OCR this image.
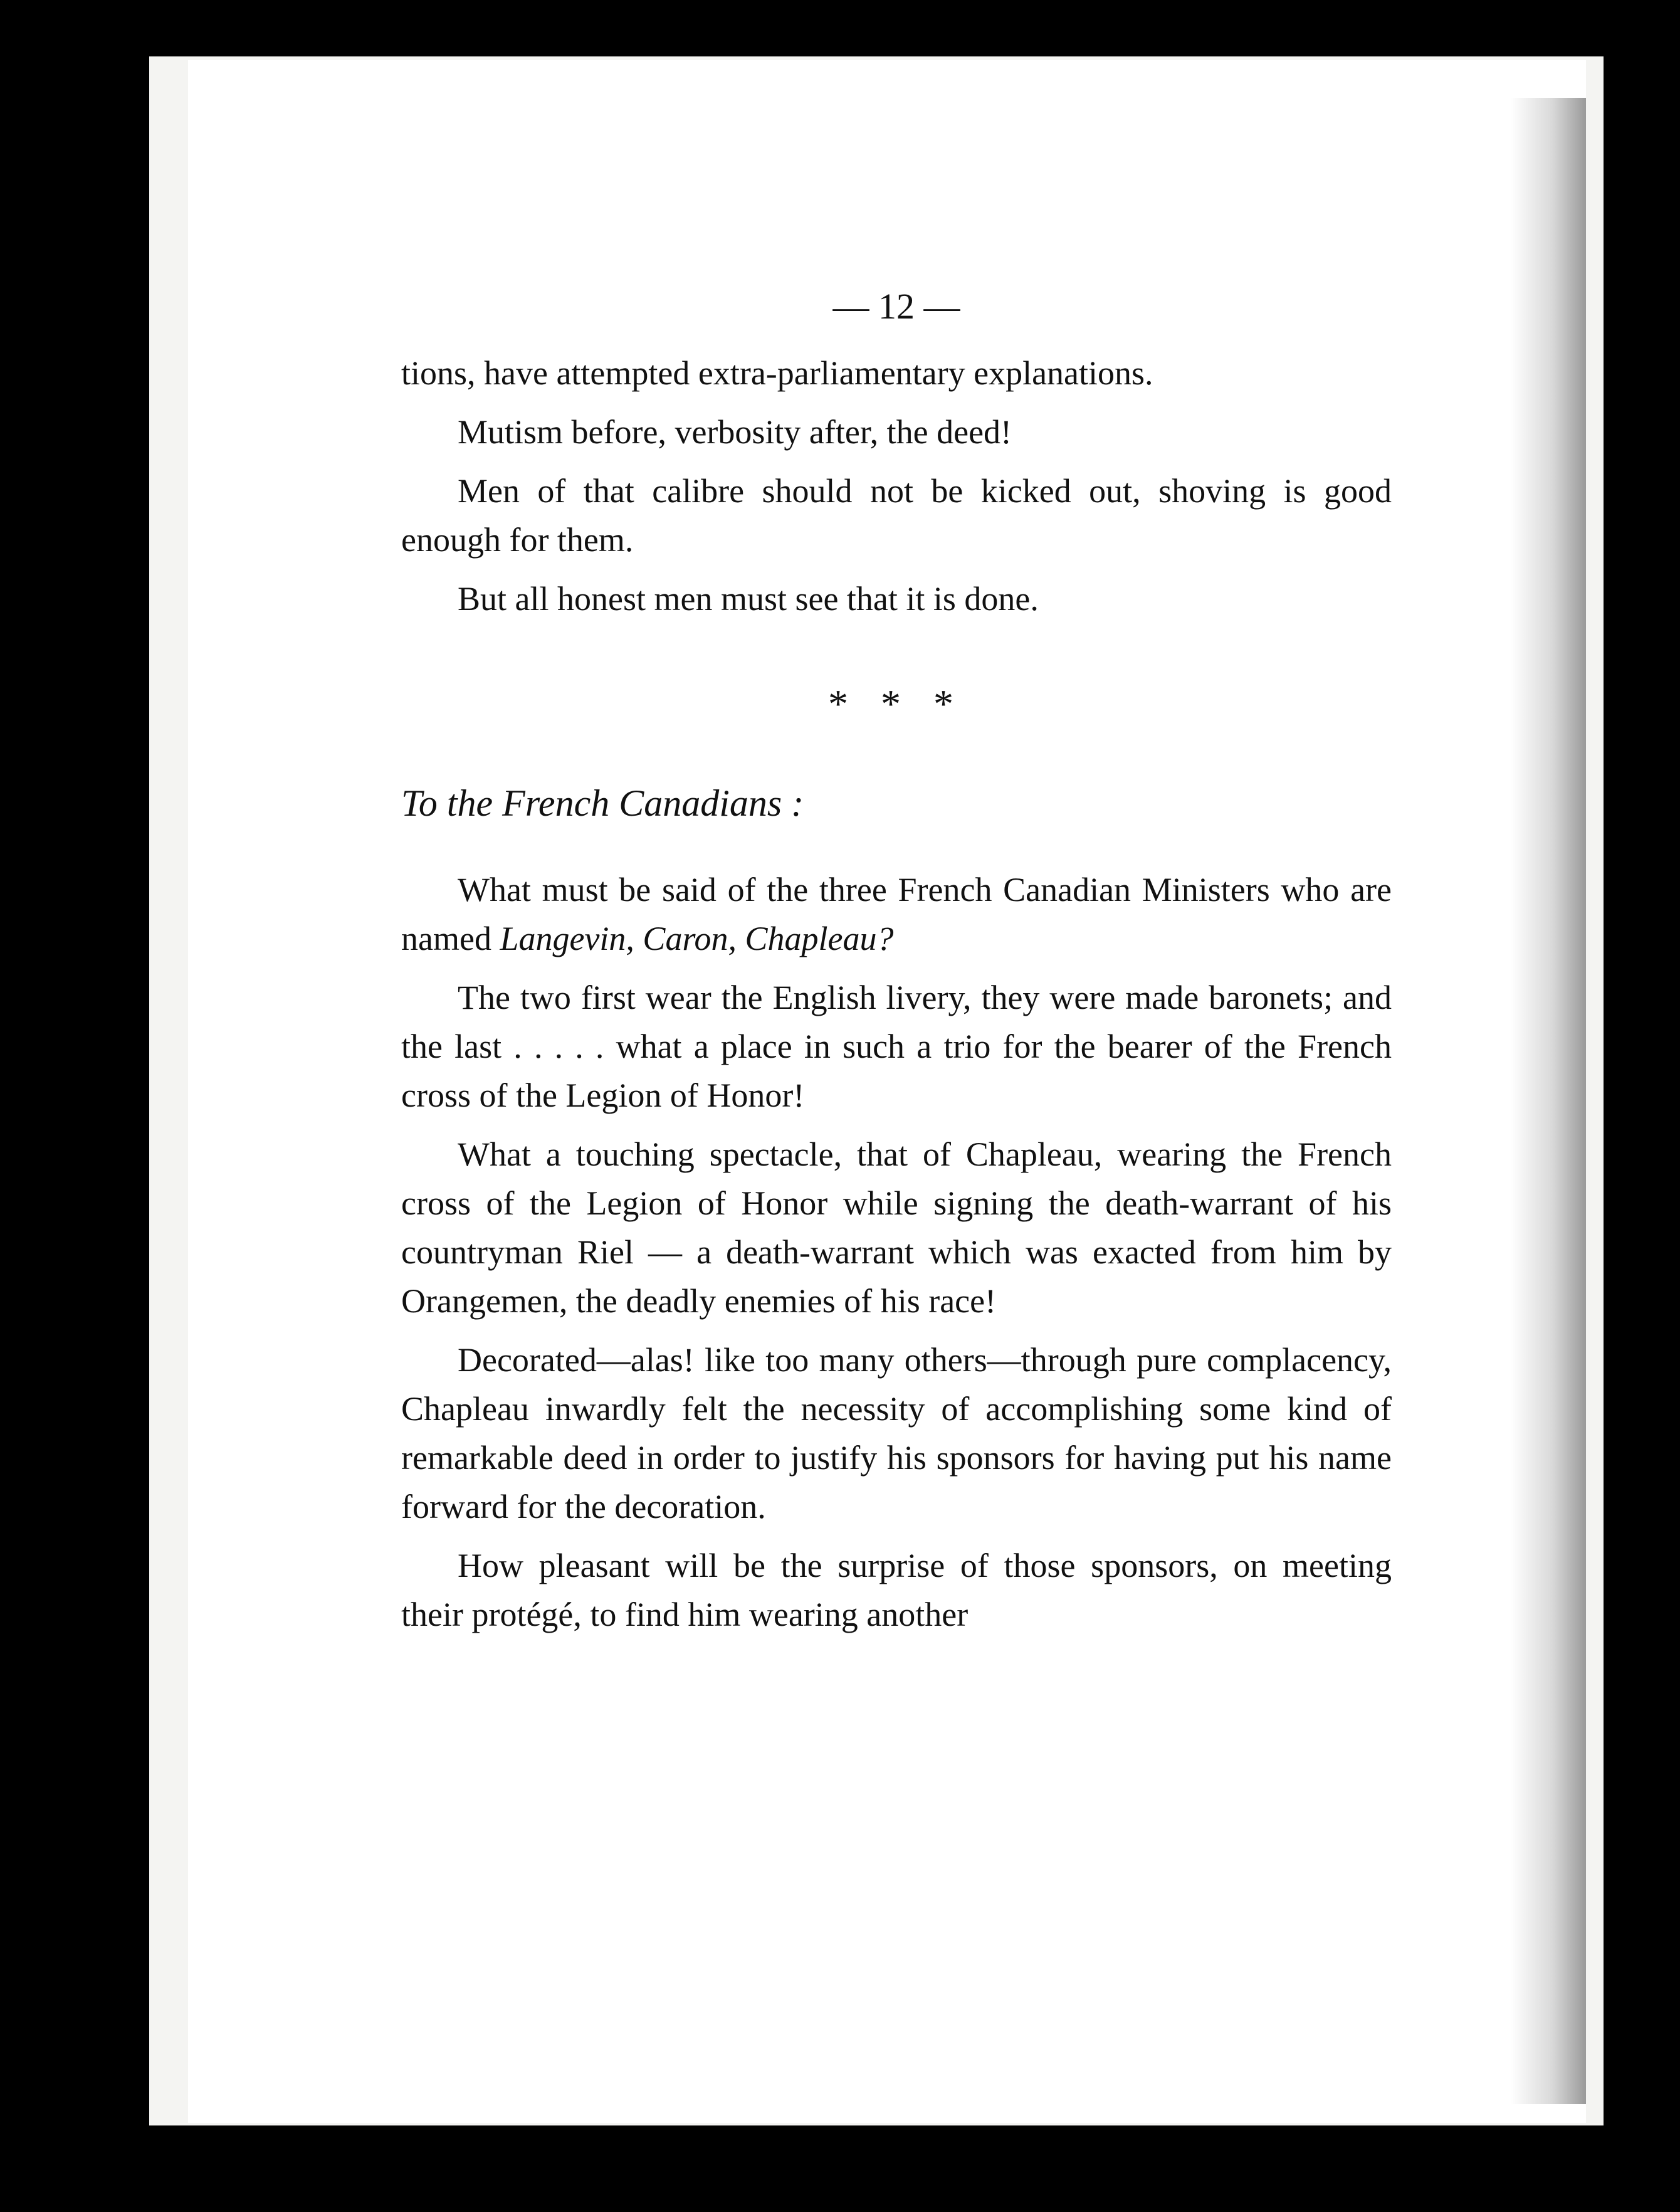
— 12 —

tions, have attempted extra-parliamentary explanations.

Mutism before, verbosity after, the deed!

Men of that calibre should not be kicked out, shoving is good enough for them.

But all honest men must see that it is done.

* * *

To the French Canadians :

What must be said of the three French Canadian Ministers who are named Langevin, Caron, Chapleau?

The two first wear the English livery, they were made baronets; and the last . . . . . what a place in such a trio for the bearer of the French cross of the Legion of Honor!

What a touching spectacle, that of Chapleau, wearing the French cross of the Legion of Honor while signing the death-warrant of his countryman Riel — a death-warrant which was exacted from him by Orangemen, the deadly enemies of his race!

Decorated—alas! like too many others—through pure complacency, Chapleau inwardly felt the necessity of accomplishing some kind of remarkable deed in order to justify his sponsors for having put his name forward for the decoration.

How pleasant will be the surprise of those sponsors, on meeting their protégé, to find him wearing another
